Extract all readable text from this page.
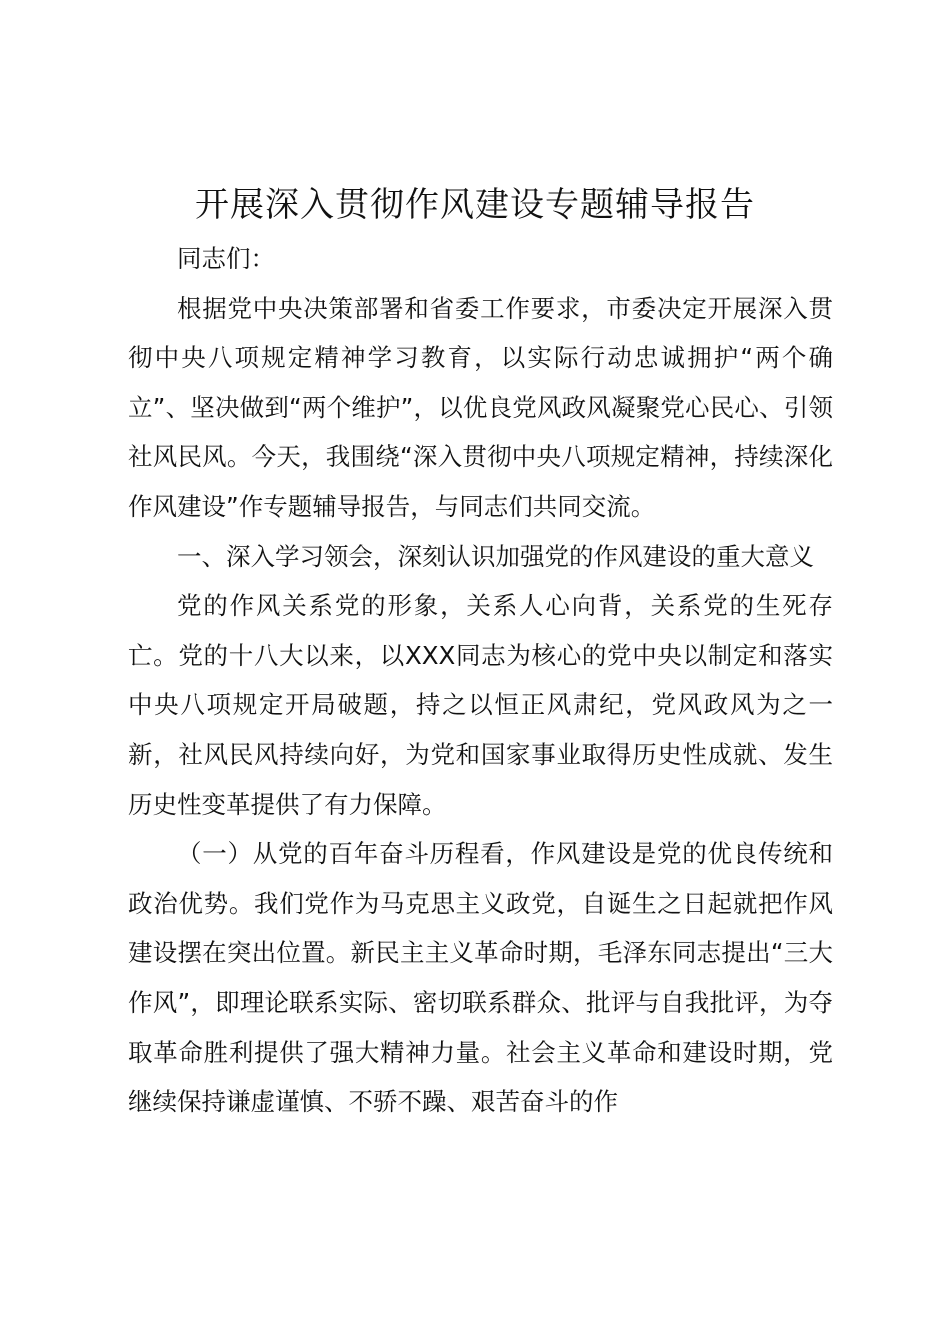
开展深入贯彻作风建设专题辅导报告

同志们：

根据党中央决策部署和省委工作要求，市委决定开展深入贯彻中央八项规定精神学习教育，以实际行动忠诚拥护“两个确立”、坚决做到“两个维护”，以优良党风政风凝聚党心民心、引领社风民风。今天，我围绕“深入贯彻中央八项规定精神，持续深化作风建设”作专题辅导报告，与同志们共同交流。

一、深入学习领会，深刻认识加强党的作风建设的重大意义

党的作风关系党的形象，关系人心向背，关系党的生死存亡。党的十八大以来，以XXX同志为核心的党中央以制定和落实中央八项规定开局破题，持之以恒正风肃纪，党风政风为之一新，社风民风持续向好，为党和国家事业取得历史性成就、发生历史性变革提供了有力保障。

（一）从党的百年奋斗历程看，作风建设是党的优良传统和政治优势。我们党作为马克思主义政党，自诞生之日起就把作风建设摆在突出位置。新民主主义革命时期，毛泽东同志提出“三大作风”，即理论联系实际、密切联系群众、批评与自我批评，为夺取革命胜利提供了强大精神力量。社会主义革命和建设时期，党继续保持谦虚谨慎、不骄不躁、艰苦奋斗的作
